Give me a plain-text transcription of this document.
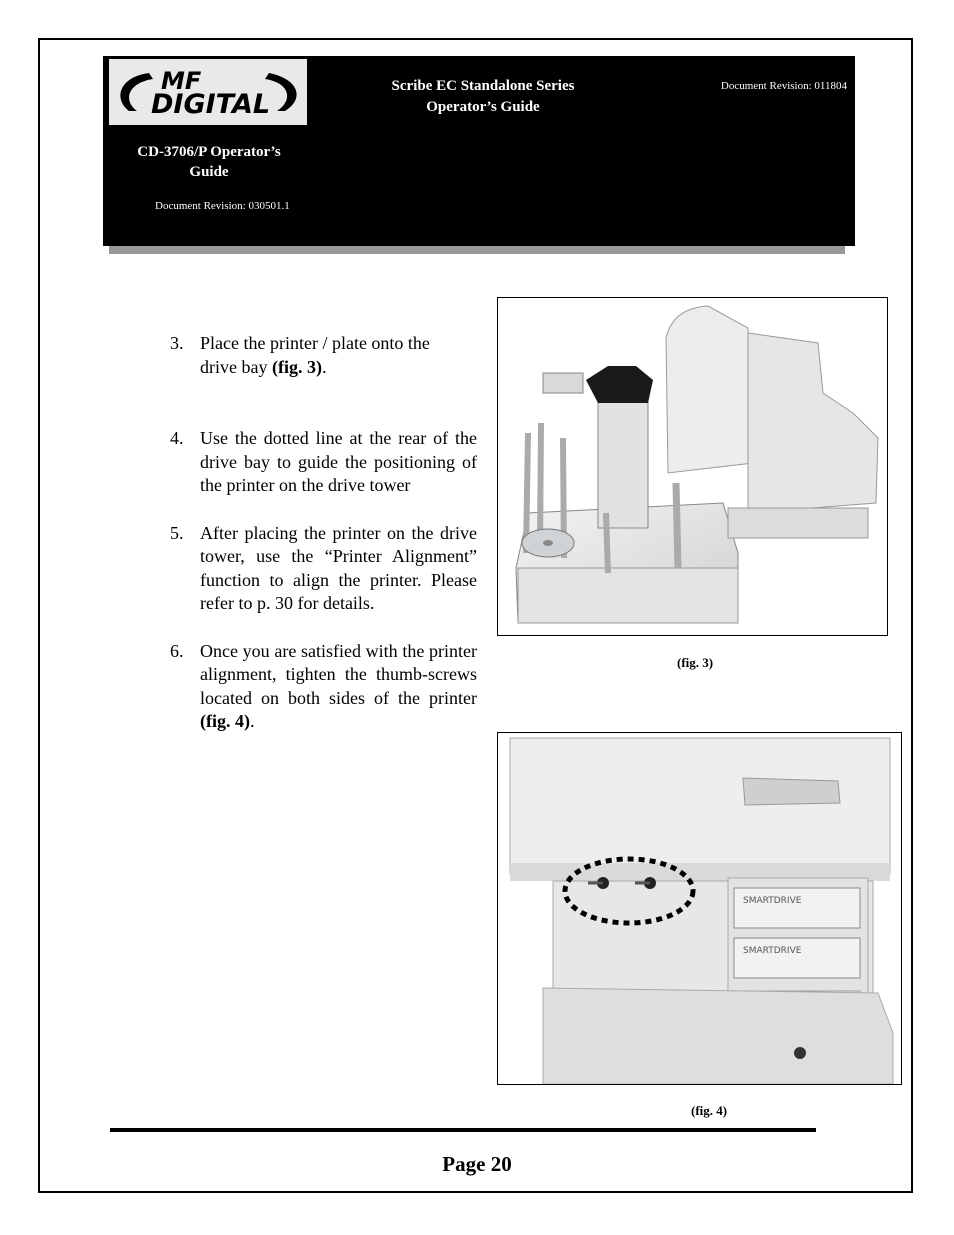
MF
DIGITAL
Scribe EC Standalone Series
Operator’s Guide
Document Revision: 011804
CD-3706/P Operator’s
Guide
Document Revision: 030501.1
3. Place the printer / plate onto the drive bay (fig. 3).
4. Use the dotted line at the rear of the drive bay to guide the positioning of the printer on the drive tower
5. After placing the printer on the drive tower, use the “Printer Alignment” function to align the printer. Please refer to p. 30 for details.
6. Once you are satisfied with the printer alignment, tighten the thumb-screws located on both sides of the printer (fig. 4).
(fig. 3)
SMARTDRIVE
SMARTDRIVE
(fig. 4)
Page 20
